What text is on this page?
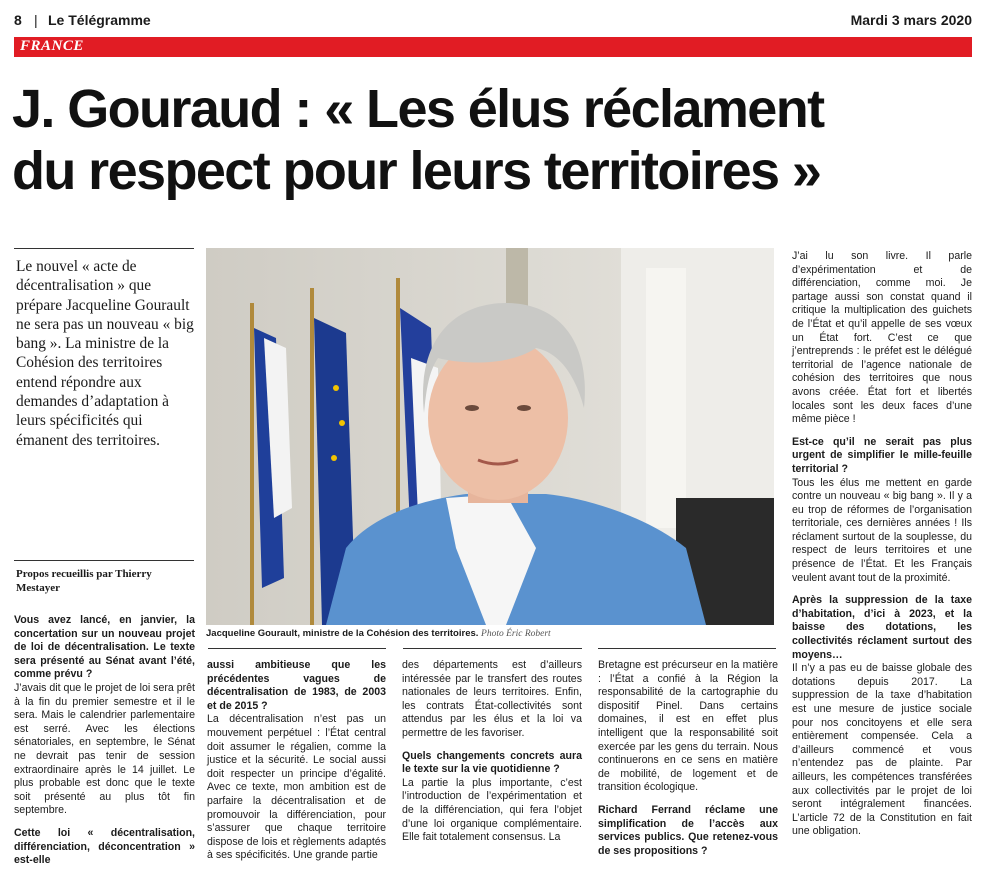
8 | Le Télégramme	Mardi 3 mars 2020
FRANCE
J. Gouraud : « Les élus réclament
du respect pour leurs territoires »

Le nouvel « acte de décentralisation » que prépare Jacqueline Gourault ne sera pas un nouveau « big bang ». La ministre de la Cohésion des territoires entend répondre aux demandes d’adaptation à leurs spécificités qui émanent des territoires.

Propos recueillis par Thierry Mestayer
Jacqueline Gourault, ministre de la Cohésion des territoires. Photo Éric Robert

Vous avez lancé, en janvier, la concertation sur un nouveau projet de loi de décentralisation. Le texte sera présenté au Sénat avant l’été, comme prévu ?

J’avais dit que le projet de loi sera prêt à la fin du premier semestre et il le sera. Mais le calendrier parlementaire est serré. Avec les élections sénatoriales, en septembre, le Sénat ne devrait pas tenir de session extraordinaire après le 14 juillet. Le plus probable est donc que le texte soit présenté au plus tôt fin septembre.

Cette loi « décentralisation, différenciation, déconcentration » est-elle

aussi ambitieuse que les précédentes vagues de décentralisation de 1983, de 2003 et de 2015 ?

La décentralisation n’est pas un mouvement perpétuel : l’État central doit assumer le régalien, comme la justice et la sécurité. Le social aussi doit respecter un principe d’égalité. Avec ce texte, mon ambition est de parfaire la décentralisation et de promouvoir la différenciation, pour s’assurer que chaque territoire dispose de lois et règlements adaptés à ses spécificités. Une grande partie

des départements est d’ailleurs intéressée par le transfert des routes nationales de leurs territoires. Enfin, les contrats État-collectivités sont attendus par les élus et la loi va permettre de les favoriser.

Quels changements concrets aura le texte sur la vie quotidienne ?

La partie la plus importante, c’est l’introduction de l’expérimentation et de la différenciation, qui fera l’objet d’une loi organique complémentaire. Elle fait totalement consensus. La

Bretagne est précurseur en la matière : l’État a confié à la Région la responsabilité de la cartographie du dispositif Pinel. Dans certains domaines, il est en effet plus intelligent que la responsabilité soit exercée par les gens du terrain. Nous continuerons en ce sens en matière de mobilité, de logement et de transition écologique.

Richard Ferrand réclame une simplification de l’accès aux services publics. Que retenez-vous de ses propositions ?

J’ai lu son livre. Il parle d’expérimentation et de différenciation, comme moi. Je partage aussi son constat quand il critique la multiplication des guichets de l’État et qu’il appelle de ses vœux un État fort. C’est ce que j’entreprends : le préfet est le délégué territorial de l’agence nationale de cohésion des territoires que nous avons créée. État fort et libertés locales sont les deux faces d’une même pièce !

Est-ce qu’il ne serait pas plus urgent de simplifier le mille-feuille territorial ?

Tous les élus me mettent en garde contre un nouveau « big bang ». Il y a eu trop de réformes de l’organisation territoriale, ces dernières années ! Ils réclament surtout de la souplesse, du respect de leurs territoires et une présence de l’État. Et les Français veulent avant tout de la proximité.

Après la suppression de la taxe d’habitation, d’ici à 2023, et la baisse des dotations, les collectivités réclament surtout des moyens…

Il n’y a pas eu de baisse globale des dotations depuis 2017. La suppression de la taxe d’habitation est une mesure de justice sociale pour nos concitoyens et elle sera entièrement compensée. Cela a d’ailleurs commencé et vous n’entendez pas de plainte. Par ailleurs, les compétences transférées aux collectivités par le projet de loi seront intégralement financées. L’article 72 de la Constitution en fait une obligation.
